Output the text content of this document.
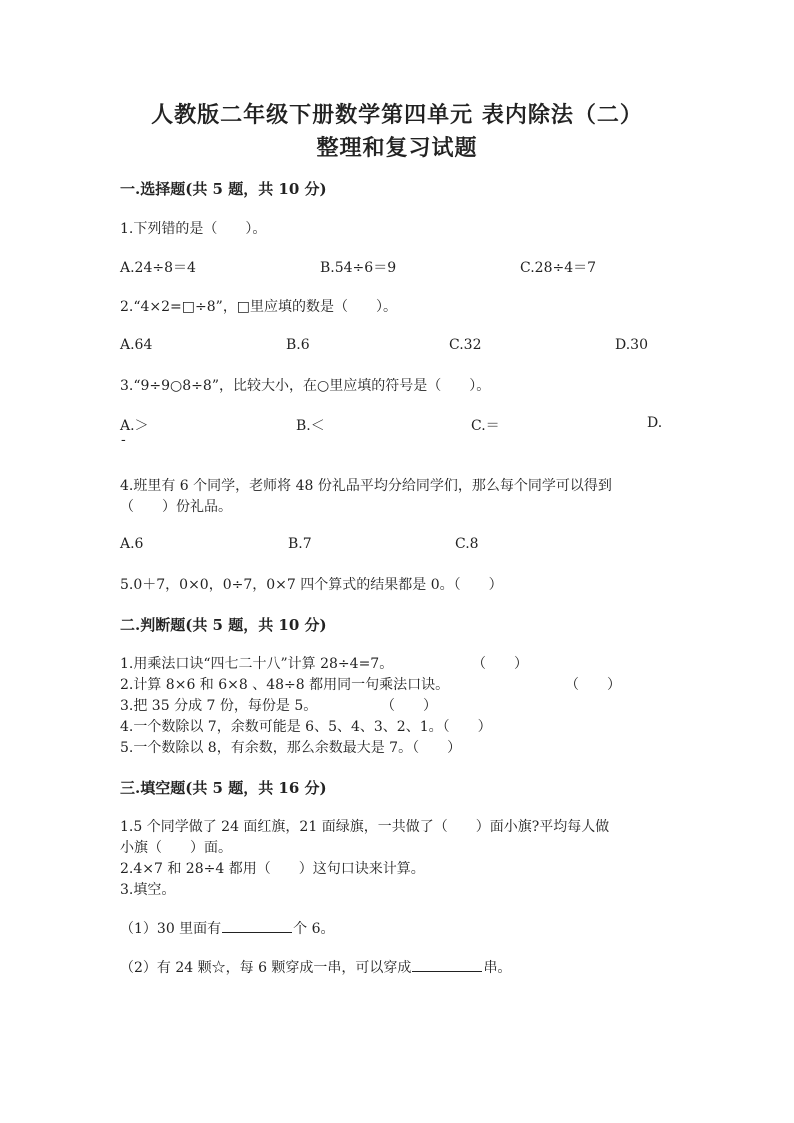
人教版二年级下册数学第四单元 表内除法（二）
整理和复习试题
一.选择题(共 5 题，共 10 分)
1.下列错的是（　　）。
A.24÷8＝4	B.54÷6＝9	C.28÷4＝7
2.“4×2=□÷8”，□里应填的数是（　　）。
A.64	B.6	C.32	D.30
3.“9÷9○8÷8”，比较大小，在○里应填的符号是（　　）。
A.＞	B.＜	C.＝	D.
-
4.班里有 6 个同学，老师将 48 份礼品平均分给同学们，那么每个同学可以得到
（　　）份礼品。
A.6	B.7	C.8
5.0＋7，0×0，0÷7，0×7 四个算式的结果都是 0。（　　）
二.判断题(共 5 题，共 10 分)
1.用乘法口诀“四七二十八”计算 28÷4=7。	（　　）
2.计算 8×6 和 6×8 、48÷8 都用同一句乘法口诀。	（　　）
3.把 35 分成 7 份，每份是 5。	（　　）
4.一个数除以 7，余数可能是 6、5、4、3、2、1。（　　）
5.一个数除以 8，有余数，那么余数最大是 7。（　　）
三.填空题(共 5 题，共 16 分)
1.5 个同学做了 24 面红旗，21 面绿旗，一共做了（　　）面小旗?平均每人做
小旗（　　）面。
2.4×7 和 28÷4 都用（　　）这句口诀来计算。
3.填空。
（1）30 里面有	个 6。
（2）有 24 颗☆，每 6 颗穿成一串，可以穿成	串。
